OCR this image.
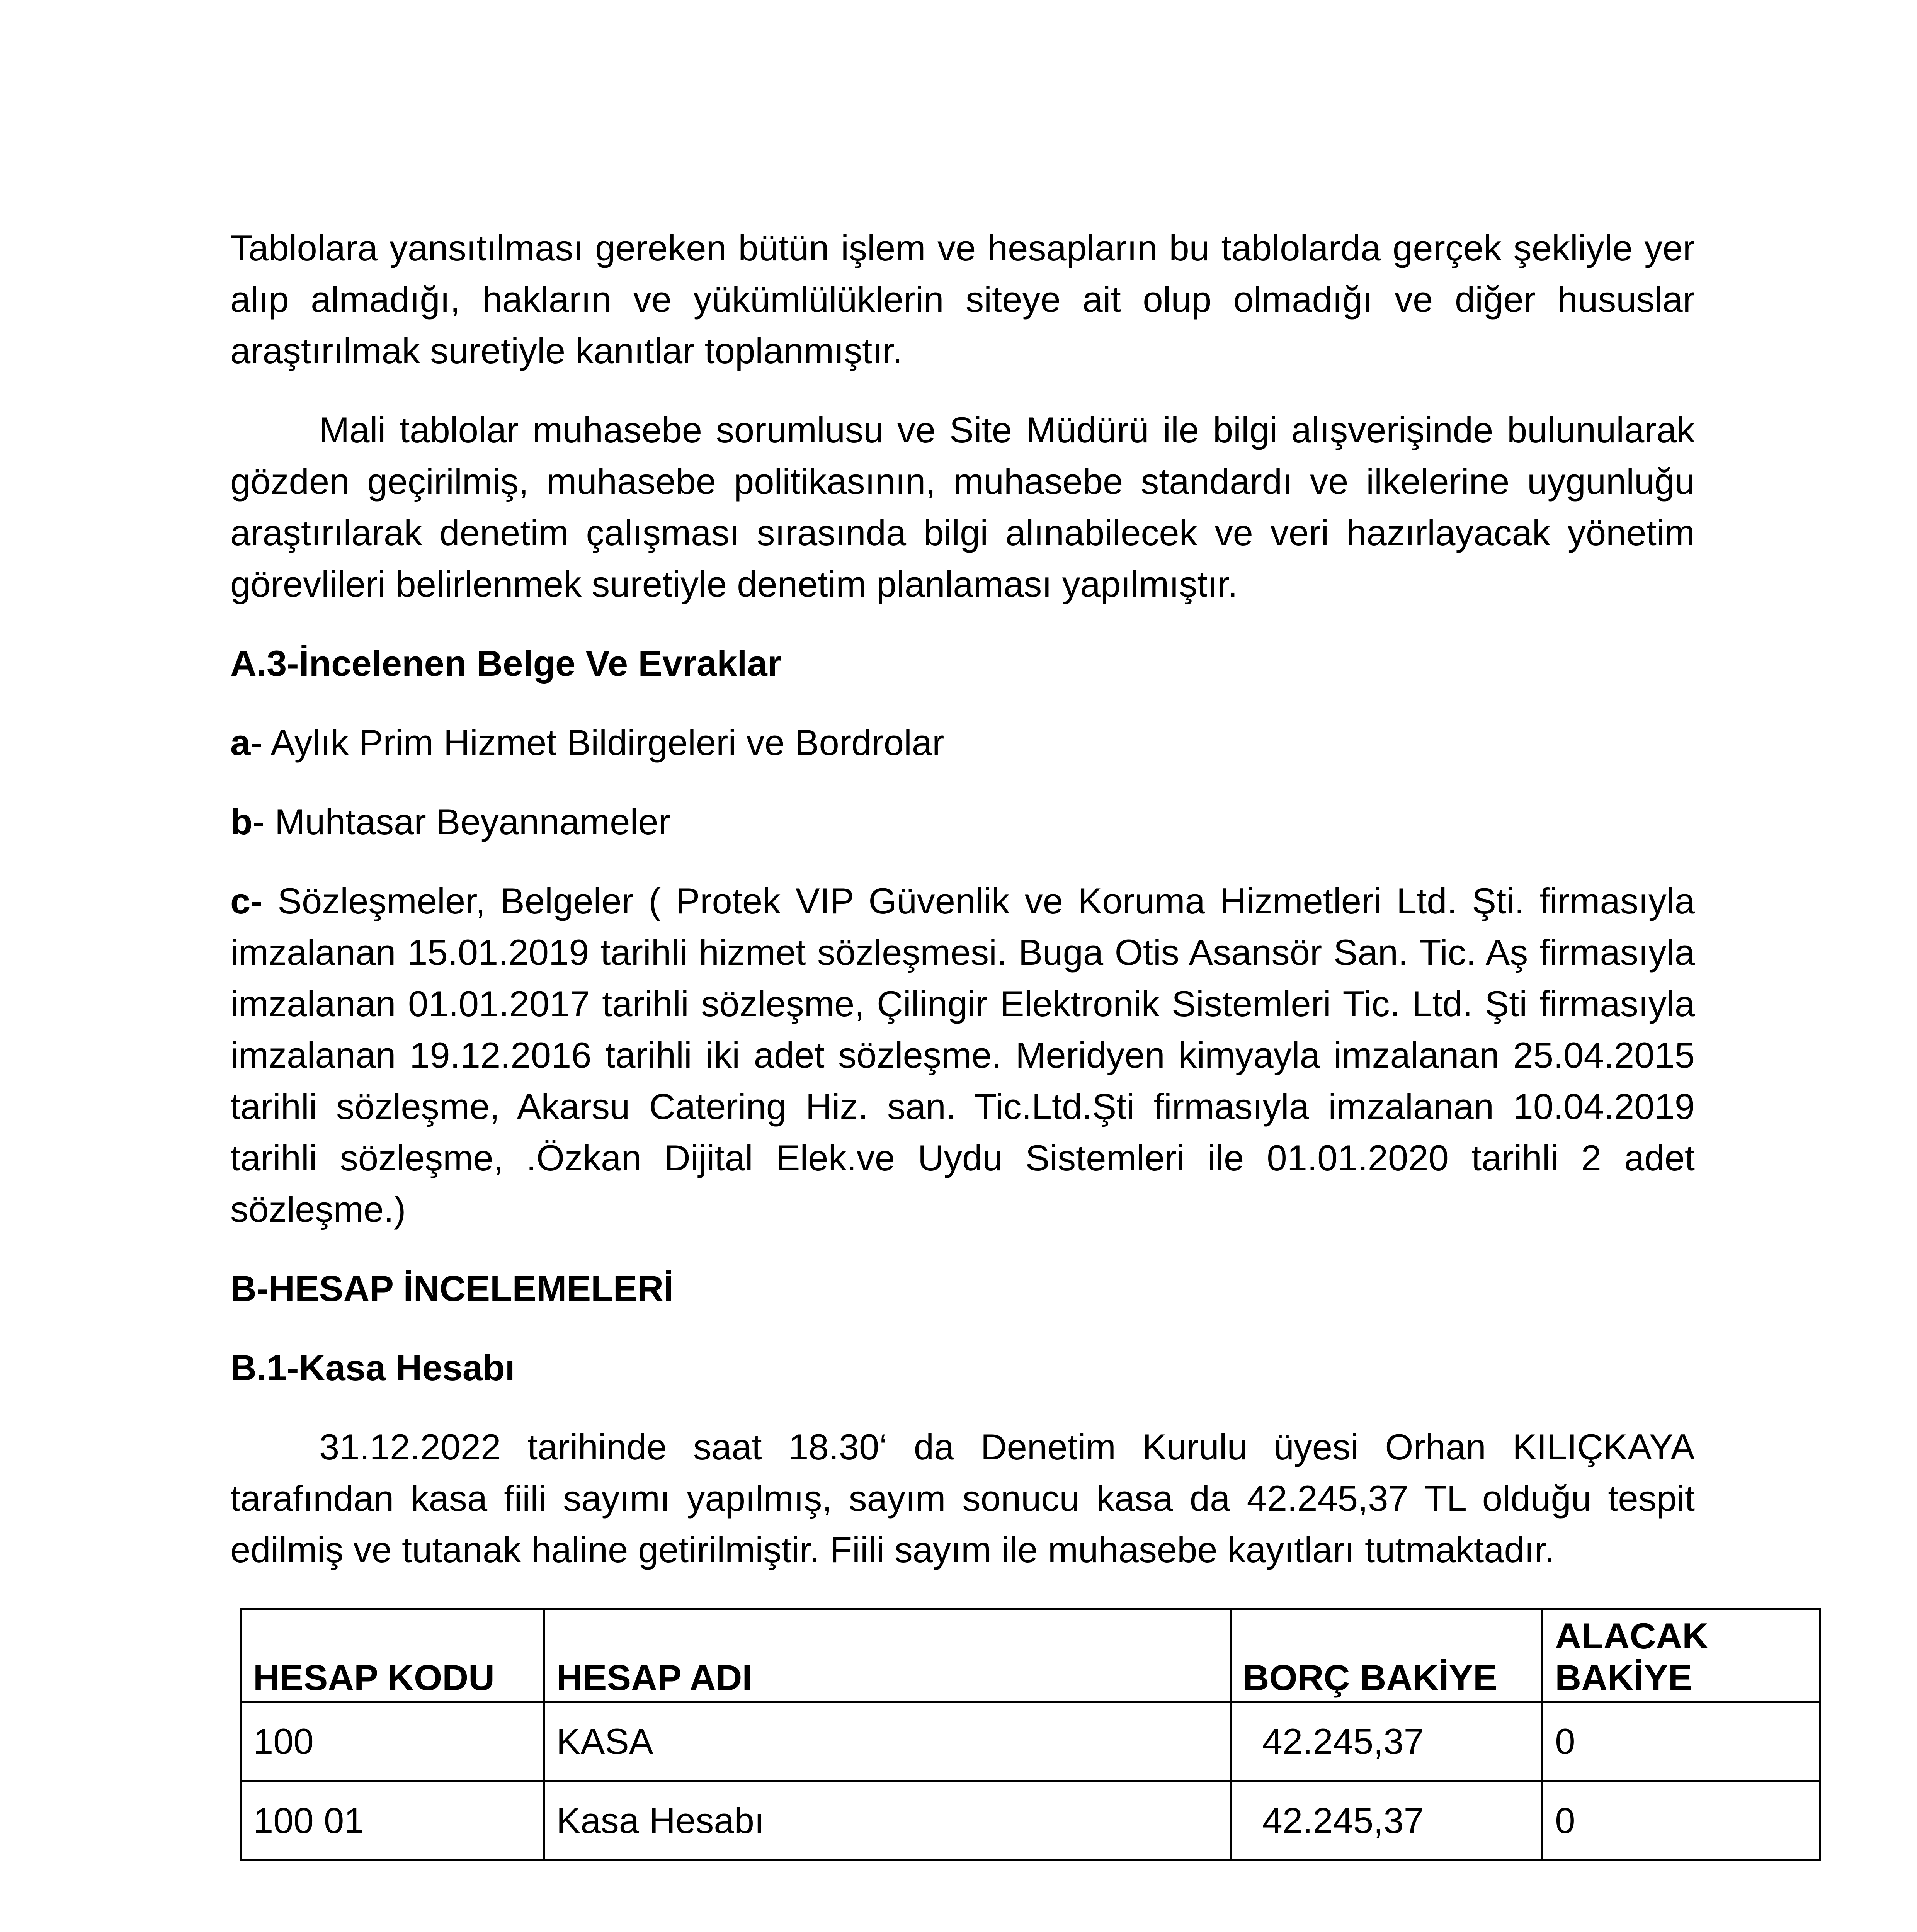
Tablolara yansıtılması gereken bütün işlem ve hesapların bu tablolarda gerçek şekliyle yer alıp almadığı, hakların ve yükümlülüklerin siteye ait olup olmadığı ve diğer hususlar araştırılmak suretiyle kanıtlar toplanmıştır.

Mali tablolar muhasebe sorumlusu ve Site Müdürü ile bilgi alışverişinde bulunularak gözden geçirilmiş, muhasebe politikasının, muhasebe standardı ve ilkelerine uygunluğu araştırılarak denetim çalışması sırasında bilgi alınabilecek ve veri hazırlayacak yönetim görevlileri belirlenmek suretiyle denetim planlaması yapılmıştır.

A.3-İncelenen Belge Ve Evraklar
a- Aylık Prim Hizmet Bildirgeleri ve Bordrolar
b- Muhtasar Beyannameler
c- Sözleşmeler, Belgeler ( Protek VIP Güvenlik ve Koruma Hizmetleri Ltd. Şti. firmasıyla imzalanan 15.01.2019 tarihli hizmet sözleşmesi. Buga Otis Asansör San. Tic. Aş firmasıyla imzalanan 01.01.2017 tarihli sözleşme, Çilingir Elektronik Sistemleri Tic. Ltd. Şti firmasıyla imzalanan 19.12.2016 tarihli iki adet sözleşme. Meridyen kimyayla imzalanan 25.04.2015 tarihli sözleşme, Akarsu Catering Hiz. san. Tic.Ltd.Şti firmasıyla imzalanan 10.04.2019 tarihli sözleşme, .Özkan Dijital Elek.ve Uydu Sistemleri ile 01.01.2020 tarihli 2 adet sözleşme.)
B-HESAP İNCELEMELERİ
B.1-Kasa Hesabı

31.12.2022 tarihinde saat 18.30‘ da Denetim Kurulu üyesi Orhan KILIÇKAYA tarafından kasa fiili sayımı yapılmış, sayım sonucu kasa da 42.245,37 TL olduğu tespit edilmiş ve tutanak haline getirilmiştir. Fiili sayım ile muhasebe kayıtları tutmaktadır.

HESAP KODU	HESAP ADI	BORÇ BAKİYE	ALACAK BAKİYE
100	KASA	42.245,37	0
100 01	Kasa Hesabı	42.245,37	0
